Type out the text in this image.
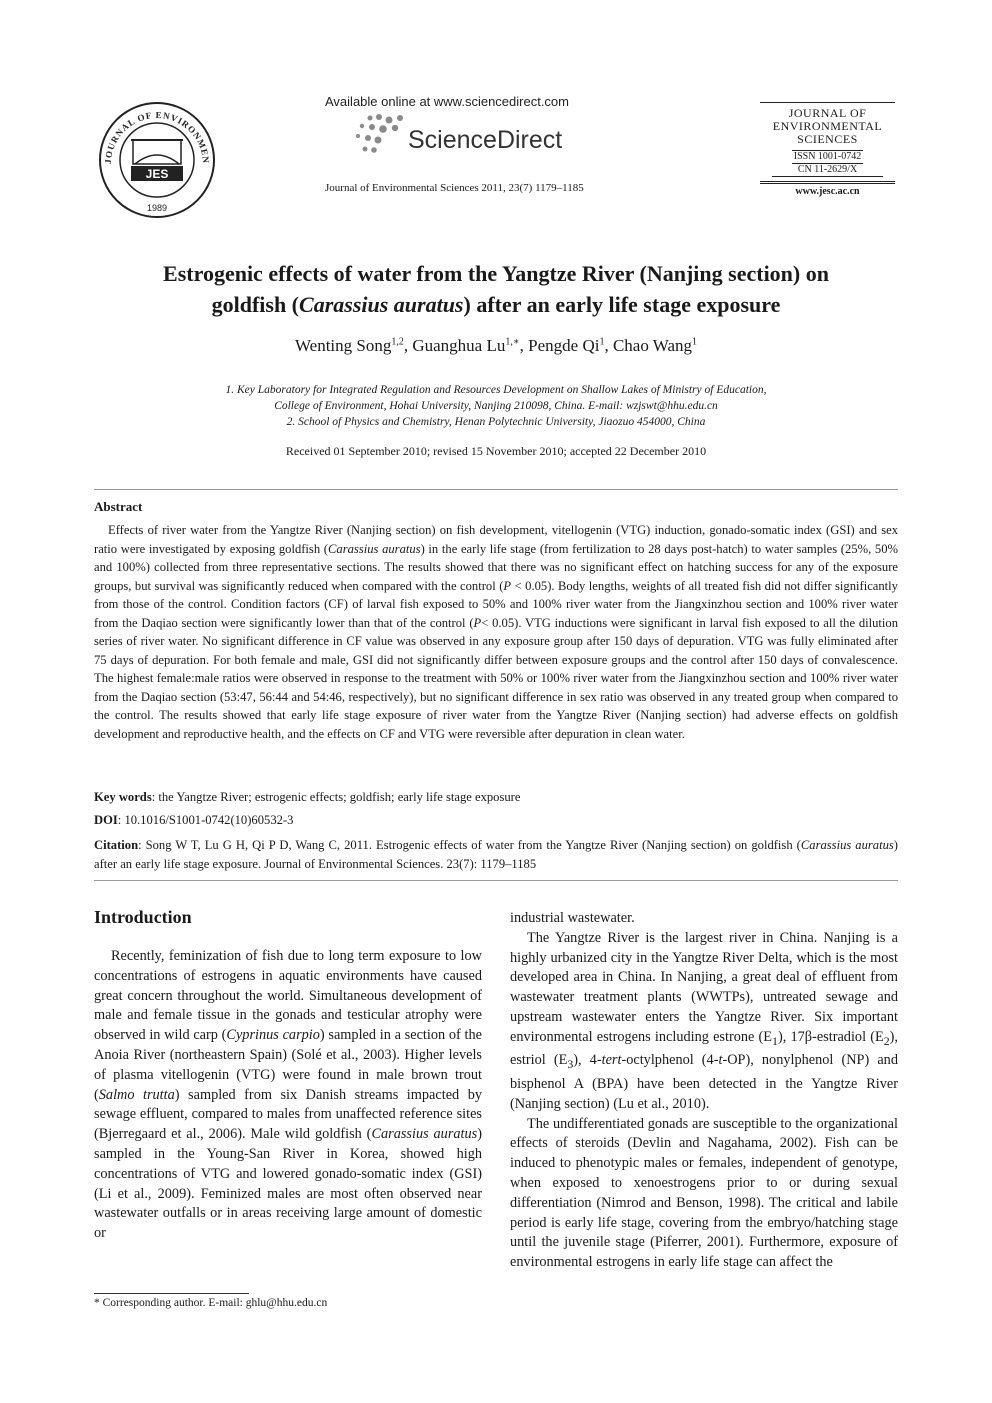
JOURNAL OF ENVIRONMEN
JES
1989
Available online at www.sciencedirect.com
ScienceDirect
Journal of Environmental Sciences 2011, 23(7) 1179–1185
JOURNAL OF
ENVIRONMENTAL
SCIENCES
ISSN 1001-0742
CN 11-2629/X
www.jesc.ac.cn
Estrogenic effects of water from the Yangtze River (Nanjing section) on
goldfish (Carassius auratus) after an early life stage exposure
Wenting Song$^{1,2}$, Guanghua $Lu^{1,∗}$, Pengde Qi$^1$, Chao Wang$^1$
1. Key Laboratory for Integrated Regulation and Resources Development on Shallow Lakes of Ministry of Education,
College of Environment, Hohai University, Nanjing 210098, China. E-mail: wzjswt@hhu.edu.cn
2. School of Physics and Chemistry, Henan Polytechnic University, Jiaozuo 454000, China
Received 01 September 2010; revised 15 November 2010; accepted 22 December 2010
Abstract
Effects of river water from the Yangtze River (Nanjing section) on fish development, vitellogenin (VTG) induction, gonado-somatic index (GSI) and sex ratio were investigated by exposing goldfish (Carassius auratus) in the early life stage (from fertilization to 28 days post-hatch) to water samples (25%, 50% and 100%) collected from three representative sections. The results showed that there was no significant effect on hatching success for any of the exposure groups, but survival was significantly reduced when compared with the control (P < 0.05). Body lengths, weights of all treated fish did not differ significantly from those of the control. Condition factors (CF) of larval fish exposed to 50% and 100% river water from the Jiangxinzhou section and 100% river water from the Daqiao section were significantly lower than that of the control (P< 0.05). VTG inductions were significant in larval fish exposed to all the dilution series of river water. No significant difference in CF value was observed in any exposure group after 150 days of depuration. VTG was fully eliminated after 75 days of depuration. For both female and male, GSI did not significantly differ between exposure groups and the control after 150 days of convalescence. The highest female:male ratios were observed in response to the treatment with 50% or 100% river water from the Jiangxinzhou section and 100% river water from the Daqiao section (53:47, 56:44 and 54:46, respectively), but no significant difference in sex ratio was observed in any treated group when compared to the control. The results showed that early life stage exposure of river water from the Yangtze River (Nanjing section) had adverse effects on goldfish development and reproductive health, and the effects on CF and VTG were reversible after depuration in clean water.
Key words: the Yangtze River; estrogenic effects; goldfish; early life stage exposure
DOI: 10.1016/S1001-0742(10)60532-3
Citation: Song W T, Lu G H, Qi P D, Wang C, 2011. Estrogenic effects of water from the Yangtze River (Nanjing section) on goldfish (Carassius auratus) after an early life stage exposure. Journal of Environmental Sciences. 23(7): 1179–1185
Introduction

Recently, feminization of fish due to long term exposure to low concentrations of estrogens in aquatic environments have caused great concern throughout the world. Simultaneous development of male and female tissue in the gonads and testicular atrophy were observed in wild carp (Cyprinus carpio) sampled in a section of the Anoia River (northeastern Spain) (Solé et al., 2003). Higher levels of plasma vitellogenin (VTG) were found in male brown trout (Salmo trutta) sampled from six Danish streams impacted by sewage effluent, compared to males from unaffected reference sites (Bjerregaard et al., 2006). Male wild goldfish (Carassius auratus) sampled in the Young-San River in Korea, showed high concentrations of VTG and lowered gonado-somatic index (GSI) (Li et al., 2009). Feminized males are most often observed near wastewater outfalls or in areas receiving large amount of domestic or

industrial wastewater.

The Yangtze River is the largest river in China. Nanjing is a highly urbanized city in the Yangtze River Delta, which is the most developed area in China. In Nanjing, a great deal of effluent from wastewater treatment plants (WWTPs), untreated sewage and upstream wastewater enters the Yangtze River. Six important environmental estrogens including estrone $(E_1)$, 17β-estradiol $(E_2)$, estriol $(E_3)$, 4-tert-octylphenol (4-t-OP), nonylphenol (NP) and bisphenol A (BPA) have been detected in the Yangtze River (Nanjing section) (Lu et al., 2010).

The undifferentiated gonads are susceptible to the organizational effects of steroids (Devlin and Nagahama, 2002). Fish can be induced to phenotypic males or females, independent of genotype, when exposed to xenoestrogens prior to or during sexual differentiation (Nimrod and Benson, 1998). The critical and labile period is early life stage, covering from the embryo/hatching stage until the juvenile stage (Piferrer, 2001). Furthermore, exposure of environmental estrogens in early life stage can affect the

* Corresponding author. E-mail: ghlu@hhu.edu.cn
